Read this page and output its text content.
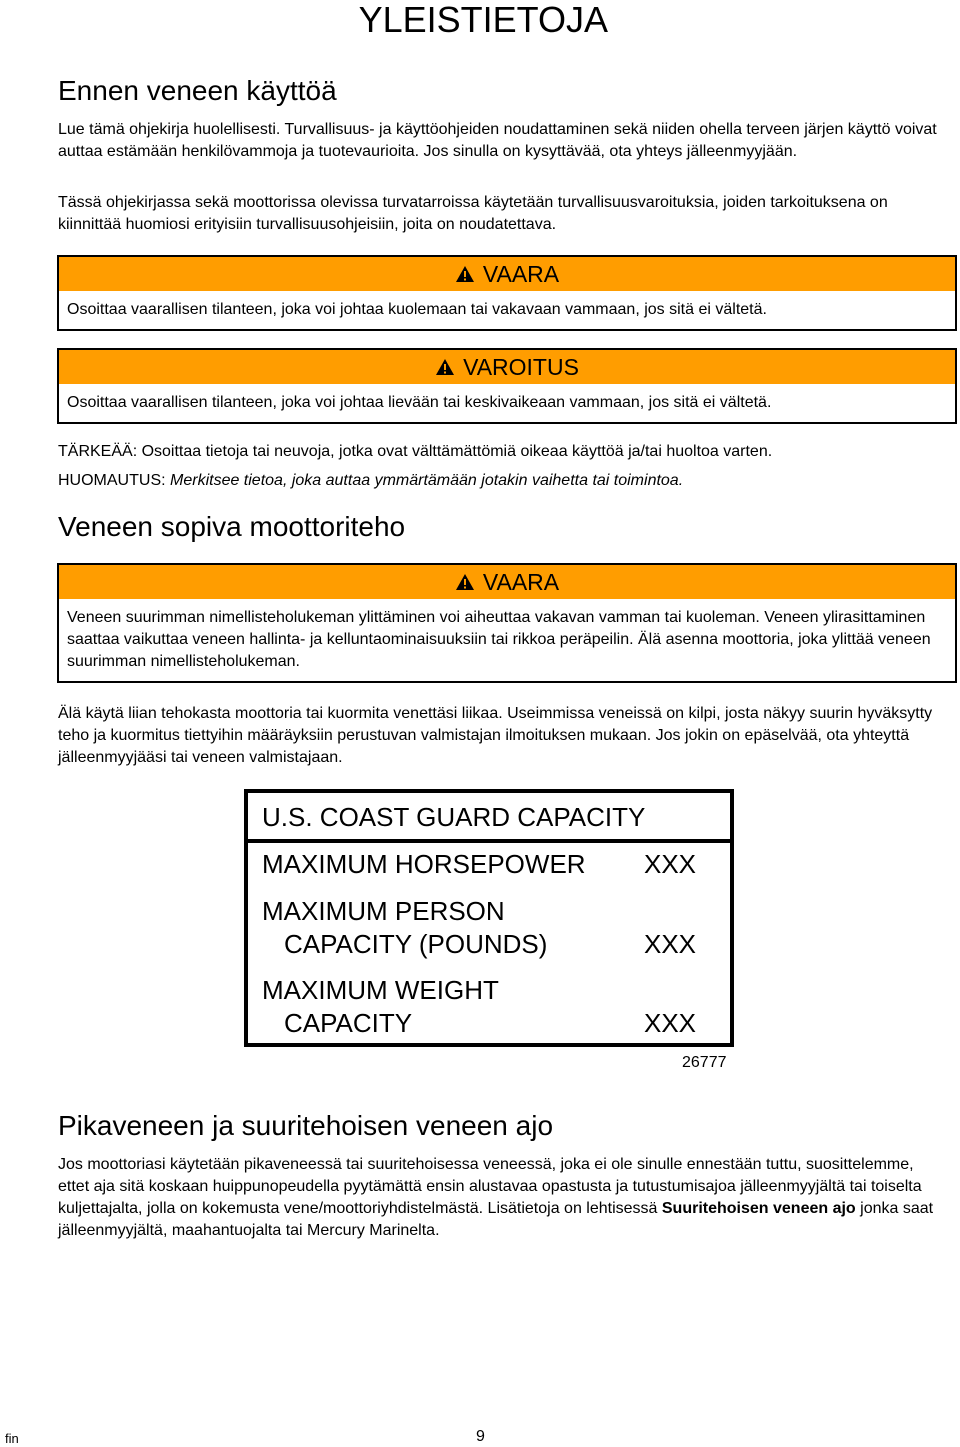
YLEISTIETOJA
Ennen veneen käyttöä
Lue tämä ohjekirja huolellisesti. Turvallisuus- ja käyttöohjeiden noudattaminen sekä niiden ohella terveen järjen käyttö voivat auttaa estämään henkilövammoja ja tuotevaurioita. Jos sinulla on kysyttävää, ota yhteys jälleenmyyjään.
Tässä ohjekirjassa sekä moottorissa olevissa turvatarroissa käytetään turvallisuusvaroituksia, joiden tarkoituksena on kiinnittää huomiosi erityisiin turvallisuusohjeisiin, joita on noudatettava.
VAARA
Osoittaa vaarallisen tilanteen, joka voi johtaa kuolemaan tai vakavaan vammaan, jos sitä ei vältetä.
VAROITUS
Osoittaa vaarallisen tilanteen, joka voi johtaa lievään tai keskivaikeaan vammaan, jos sitä ei vältetä.
TÄRKEÄÄ: Osoittaa tietoja tai neuvoja, jotka ovat välttämättömiä oikeaa käyttöä ja/tai huoltoa varten.
HUOMAUTUS: Merkitsee tietoa, joka auttaa ymmärtämään jotakin vaihetta tai toimintoa.
Veneen sopiva moottoriteho
VAARA
Veneen suurimman nimellisteholukeman ylittäminen voi aiheuttaa vakavan vamman tai kuoleman. Veneen ylirasittaminen saattaa vaikuttaa veneen hallinta- ja kelluntaominaisuuksiin tai rikkoa peräpeilin. Älä asenna moottoria, joka ylittää veneen suurimman nimellisteholukeman.
Älä käytä liian tehokasta moottoria tai kuormita venettäsi liikaa. Useimmissa veneissä on kilpi, josta näkyy suurin hyväksytty teho ja kuormitus tiettyihin määräyksiin perustuvan valmistajan ilmoituksen mukaan. Jos jokin on epäselvää, ota yhteyttä jälleenmyyjääsi tai veneen valmistajaan.
U.S. COAST GUARD CAPACITY
MAXIMUM HORSEPOWER XXX
MAXIMUM PERSON
CAPACITY (POUNDS)	XXX
MAXIMUM WEIGHT
CAPACITY	XXX
26777
Pikaveneen ja suuritehoisen veneen ajo
Jos moottoriasi käytetään pikaveneessä tai suuritehoisessa veneessä, joka ei ole sinulle ennestään tuttu, suosittelemme, ettet aja sitä koskaan huippunopeudella pyytämättä ensin alustavaa opastusta ja tutustumisajoa jälleenmyyjältä tai toiselta kuljettajalta, jolla on kokemusta vene/moottoriyhdistelmästä. Lisätietoja on lehtisessä Suuritehoisen veneen ajo jonka saat jälleenmyyjältä, maahantuojalta tai Mercury Marinelta.
fin	9
